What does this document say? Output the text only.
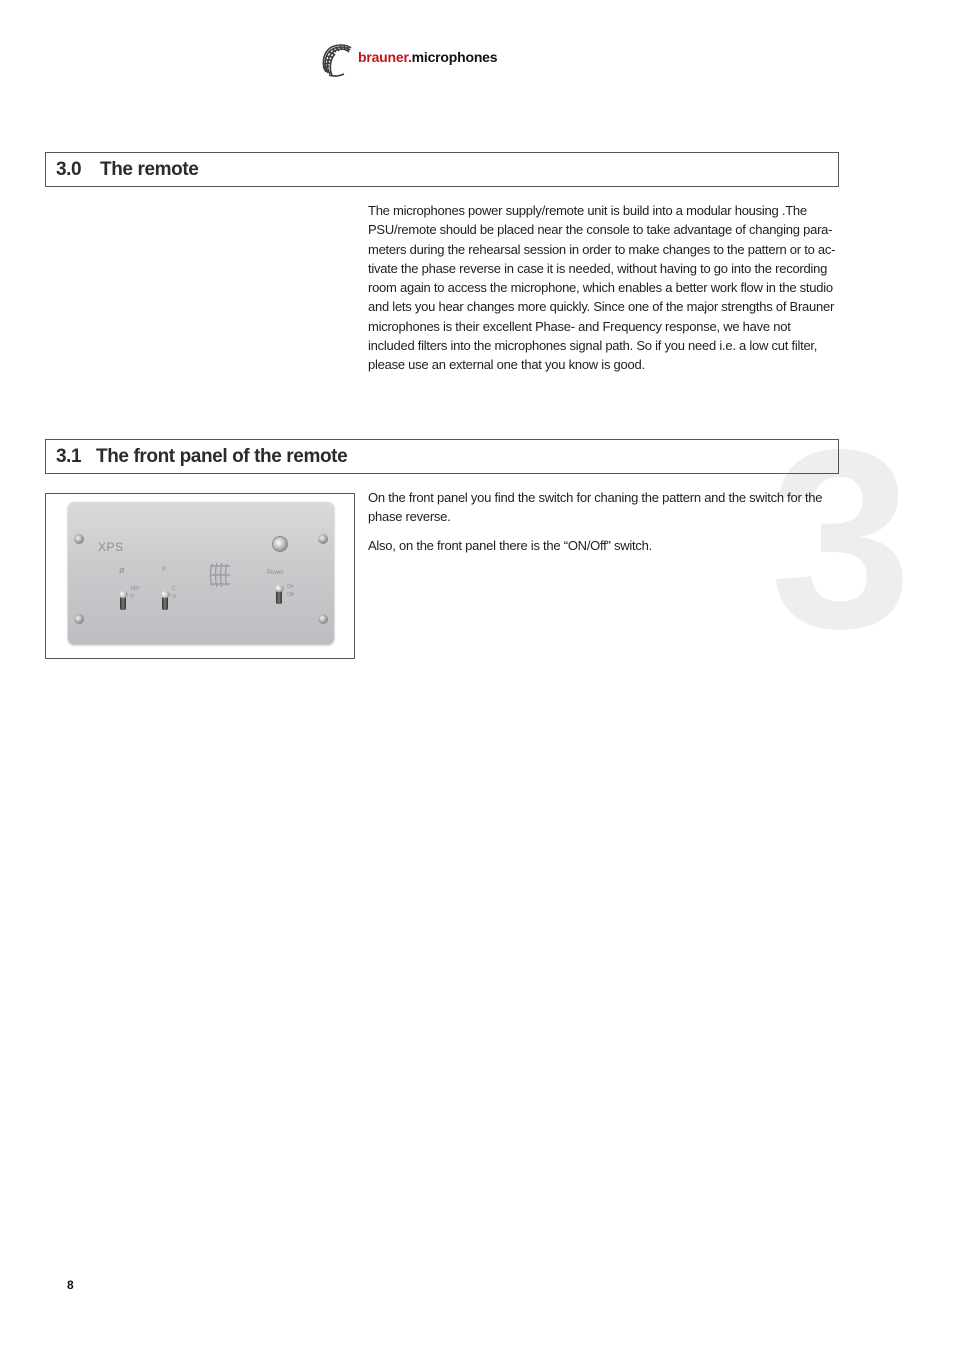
brauner.microphones
3
3.0 The remote

The microphones power supply/remote unit is build into a modular housing .The PSU/remote should be placed near the console to take advantage of changing para-meters during the rehearsal session in order to make changes to the pattern or to ac-tivate the phase reverse in case it is needed, without having to go into the recording room again to access the microphone, which enables a better work flow in the studio and lets you hear changes more quickly. Since one of the major strengths of Brauner microphones is their excellent Phase- and Frequency response, we have not included filters into the microphones signal path. So if you need i.e. a low cut filter, please use an external one that you know is good.

3.1 The front panel of the remote

On the front panel you find the switch for chaning the pattern and the switch for the phase reverse.

Also, on the front panel there is the “ON/Off” switch.

XPS
ø
180°
0°
P
C
O
Power
On
Off
8
